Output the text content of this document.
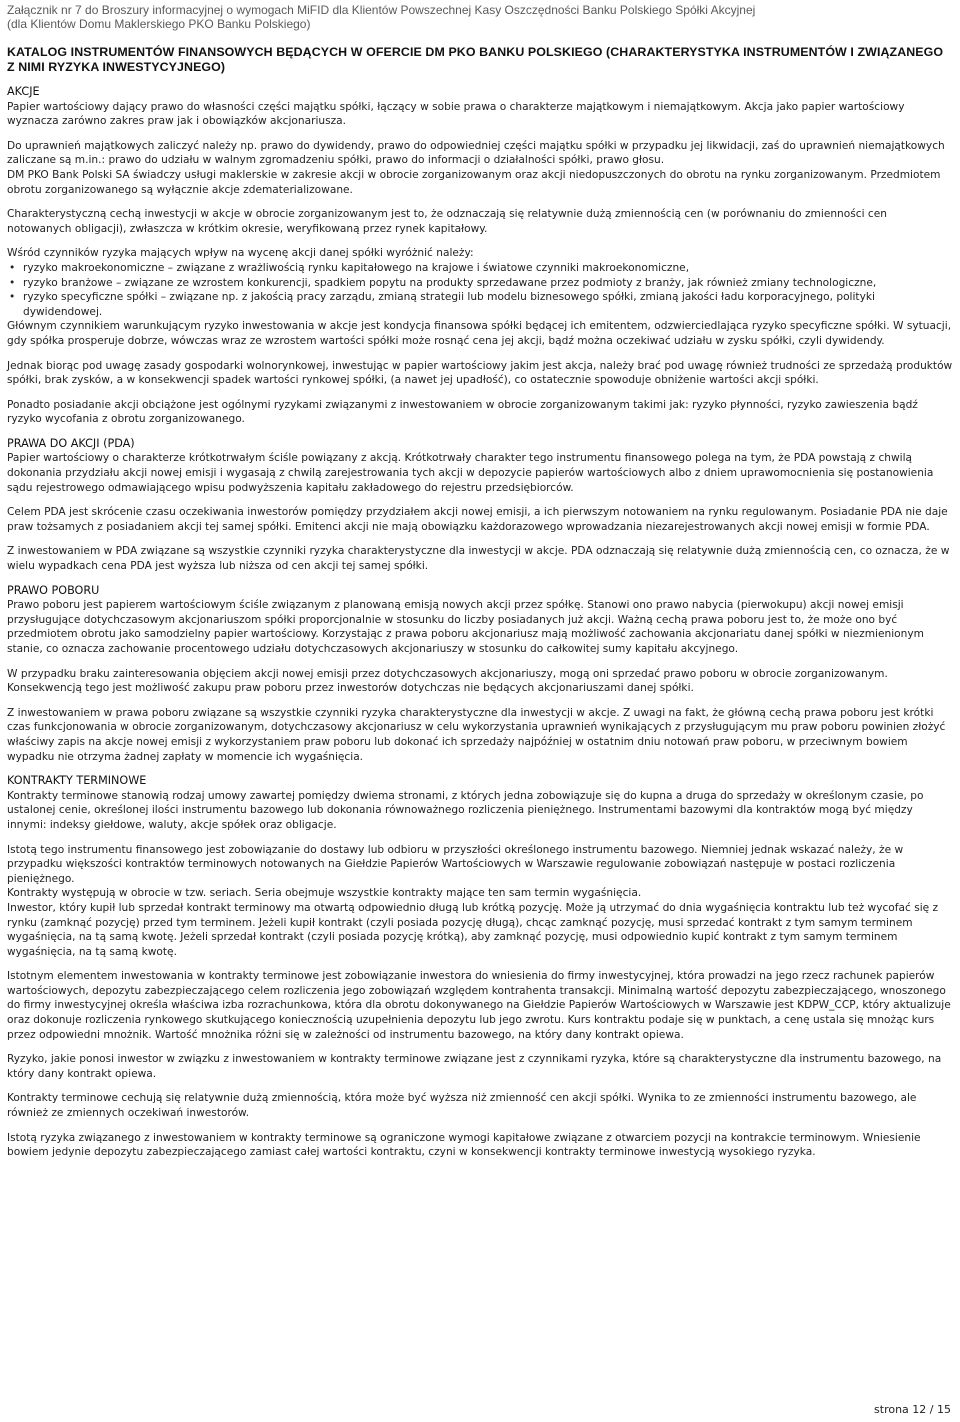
Załącznik nr 7 do Broszury informacyjnej o wymogach MiFID dla Klientów Powszechnej Kasy Oszczędności Banku Polskiego Spółki Akcyjnej

(dla Klientów Domu Maklerskiego PKO Banku Polskiego)

KATALOG INSTRUMENTÓW FINANSOWYCH BĘDĄCYCH W OFERCIE DM PKO BANKU POLSKIEGO (CHARAKTERYSTYKA INSTRUMENTÓW I ZWIĄZANEGO Z NIMI RYZYKA INWESTYCYJNEGO)
AKCJE

Papier wartościowy dający prawo do własności części majątku spółki, łączący w sobie prawa o charakterze majątkowym i niemajątkowym. Akcja jako papier wartościowy wyznacza zarówno zakres praw jak i obowiązków akcjonariusza.

Do uprawnień majątkowych zaliczyć należy np. prawo do dywidendy, prawo do odpowiedniej części majątku spółki w przypadku jej likwidacji, zaś do uprawnień niemajątkowych zaliczane są m.in.: prawo do udziału w walnym zgromadzeniu spółki, prawo do informacji o działalności spółki, prawo głosu.

DM PKO Bank Polski SA świadczy usługi maklerskie w zakresie akcji w obrocie zorganizowanym oraz akcji niedopuszczonych do obrotu na rynku zorganizowanym. Przedmiotem obrotu zorganizowanego są wyłącznie akcje zdematerializowane.

Charakterystyczną cechą inwestycji w akcje w obrocie zorganizowanym jest to, że odznaczają się relatywnie dużą zmiennością cen (w porównaniu do zmienności cen notowanych obligacji), zwłaszcza w krótkim okresie, weryfikowaną przez rynek kapitałowy.

Wśród czynników ryzyka mających wpływ na wycenę akcji danej spółki wyróżnić należy:

• ryzyko makroekonomiczne – związane z wrażliwością rynku kapitałowego na krajowe i światowe czynniki makroekonomiczne,
• ryzyko branżowe – związane ze wzrostem konkurencji, spadkiem popytu na produkty sprzedawane przez podmioty z branży, jak również zmiany technologiczne,
• ryzyko specyficzne spółki – związane np. z jakością pracy zarządu, zmianą strategii lub modelu biznesowego spółki, zmianą jakości ładu korporacyjnego, polityki dywidendowej.

Głównym czynnikiem warunkującym ryzyko inwestowania w akcje jest kondycja finansowa spółki będącej ich emitentem, odzwierciedlająca ryzyko specyficzne spółki. W sytuacji, gdy spółka prosperuje dobrze, wówczas wraz ze wzrostem wartości spółki może rosnąć cena jej akcji, bądź można oczekiwać udziału w zysku spółki, czyli dywidendy.

Jednak biorąc pod uwagę zasady gospodarki wolnorynkowej, inwestując w papier wartościowy jakim jest akcja, należy brać pod uwagę również trudności ze sprzedażą produktów spółki, brak zysków, a w konsekwencji spadek wartości rynkowej spółki, (a nawet jej upadłość), co ostatecznie spowoduje obniżenie wartości akcji spółki.

Ponadto posiadanie akcji obciążone jest ogólnymi ryzykami związanymi z inwestowaniem w obrocie zorganizowanym takimi jak: ryzyko płynności, ryzyko zawieszenia bądź ryzyko wycofania z obrotu zorganizowanego.

PRAWA DO AKCJI (PDA)

Papier wartościowy o charakterze krótkotrwałym ściśle powiązany z akcją. Krótkotrwały charakter tego instrumentu finansowego polega na tym, że PDA powstają z chwilą dokonania przydziału akcji nowej emisji i wygasają z chwilą zarejestrowania tych akcji w depozycie papierów wartościowych albo z dniem uprawomocnienia się postanowienia sądu rejestrowego odmawiającego wpisu podwyższenia kapitału zakładowego do rejestru przedsiębiorców.

Celem PDA jest skrócenie czasu oczekiwania inwestorów pomiędzy przydziałem akcji nowej emisji, a ich pierwszym notowaniem na rynku regulowanym. Posiadanie PDA nie daje praw tożsamych z posiadaniem akcji tej samej spółki. Emitenci akcji nie mają obowiązku każdorazowego wprowadzania niezarejestrowanych akcji nowej emisji w formie PDA.

Z inwestowaniem w PDA związane są wszystkie czynniki ryzyka charakterystyczne dla inwestycji w akcje. PDA odznaczają się relatywnie dużą zmiennością cen, co oznacza, że w wielu wypadkach cena PDA jest wyższa lub niższa od cen akcji tej samej spółki.

PRAWO POBORU

Prawo poboru jest papierem wartościowym ściśle związanym z planowaną emisją nowych akcji przez spółkę. Stanowi ono prawo nabycia (pierwokupu) akcji nowej emisji przysługujące dotychczasowym akcjonariuszom spółki proporcjonalnie w stosunku do liczby posiadanych już akcji. Ważną cechą prawa poboru jest to, że może ono być przedmiotem obrotu jako samodzielny papier wartościowy. Korzystając z prawa poboru akcjonariusz mają możliwość zachowania akcjonariatu danej spółki w niezmienionym stanie, co oznacza zachowanie procentowego udziału dotychczasowych akcjonariuszy w stosunku do całkowitej sumy kapitału akcyjnego.

W przypadku braku zainteresowania objęciem akcji nowej emisji przez dotychczasowych akcjonariuszy, mogą oni sprzedać prawo poboru w obrocie zorganizowanym. Konsekwencją tego jest możliwość zakupu praw poboru przez inwestorów dotychczas nie będących akcjonariuszami danej spółki.

Z inwestowaniem w prawa poboru związane są wszystkie czynniki ryzyka charakterystyczne dla inwestycji w akcje. Z uwagi na fakt, że główną cechą prawa poboru jest krótki czas funkcjonowania w obrocie zorganizowanym, dotychczasowy akcjonariusz w celu wykorzystania uprawnień wynikających z przysługującym mu praw poboru powinien złożyć właściwy zapis na akcje nowej emisji z wykorzystaniem praw poboru lub dokonać ich sprzedaży najpóźniej w ostatnim dniu notowań praw poboru, w przeciwnym bowiem wypadku nie otrzyma żadnej zapłaty w momencie ich wygaśnięcia.

KONTRAKTY TERMINOWE

Kontrakty terminowe stanowią rodzaj umowy zawartej pomiędzy dwiema stronami, z których jedna zobowiązuje się do kupna a druga do sprzedaży w określonym czasie, po ustalonej cenie, określonej ilości instrumentu bazowego lub dokonania równoważnego rozliczenia pieniężnego. Instrumentami bazowymi dla kontraktów mogą być między innymi: indeksy giełdowe, waluty, akcje spółek oraz obligacje.

Istotą tego instrumentu finansowego jest zobowiązanie do dostawy lub odbioru w przyszłości określonego instrumentu bazowego. Niemniej jednak wskazać należy, że w przypadku większości kontraktów terminowych notowanych na Giełdzie Papierów Wartościowych w Warszawie regulowanie zobowiązań następuje w postaci rozliczenia pieniężnego.

Kontrakty występują w obrocie w tzw. seriach. Seria obejmuje wszystkie kontrakty mające ten sam termin wygaśnięcia.

Inwestor, który kupił lub sprzedał kontrakt terminowy ma otwartą odpowiednio długą lub krótką pozycję. Może ją utrzymać do dnia wygaśnięcia kontraktu lub też wycofać się z rynku (zamknąć pozycję) przed tym terminem. Jeżeli kupił kontrakt (czyli posiada pozycję długą), chcąc zamknąć pozycję, musi sprzedać kontrakt z tym samym terminem wygaśnięcia, na tą samą kwotę. Jeżeli sprzedał kontrakt (czyli posiada pozycję krótką), aby zamknąć pozycję, musi odpowiednio kupić kontrakt z tym samym terminem wygaśnięcia, na tą samą kwotę.

Istotnym elementem inwestowania w kontrakty terminowe jest zobowiązanie inwestora do wniesienia do firmy inwestycyjnej, która prowadzi na jego rzecz rachunek papierów wartościowych, depozytu zabezpieczającego celem rozliczenia jego zobowiązań względem kontrahenta transakcji. Minimalną wartość depozytu zabezpieczającego, wnoszonego do firmy inwestycyjnej określa właściwa izba rozrachunkowa, która dla obrotu dokonywanego na Giełdzie Papierów Wartościowych w Warszawie jest KDPW_CCP, który aktualizuje oraz dokonuje rozliczenia rynkowego skutkującego koniecznością uzupełnienia depozytu lub jego zwrotu. Kurs kontraktu podaje się w punktach, a cenę ustala się mnożąc kurs przez odpowiedni mnożnik. Wartość mnożnika różni się w zależności od instrumentu bazowego, na który dany kontrakt opiewa.

Ryzyko, jakie ponosi inwestor w związku z inwestowaniem w kontrakty terminowe związane jest z czynnikami ryzyka, które są charakterystyczne dla instrumentu bazowego, na który dany kontrakt opiewa.

Kontrakty terminowe cechują się relatywnie dużą zmiennością, która może być wyższa niż zmienność cen akcji spółki. Wynika to ze zmienności instrumentu bazowego, ale również ze zmiennych oczekiwań inwestorów.

Istotą ryzyka związanego z inwestowaniem w kontrakty terminowe są ograniczone wymogi kapitałowe związane z otwarciem pozycji na kontrakcie terminowym. Wniesienie bowiem jedynie depozytu zabezpieczającego zamiast całej wartości kontraktu, czyni w konsekwencji kontrakty terminowe inwestycją wysokiego ryzyka.

strona 12 / 15
